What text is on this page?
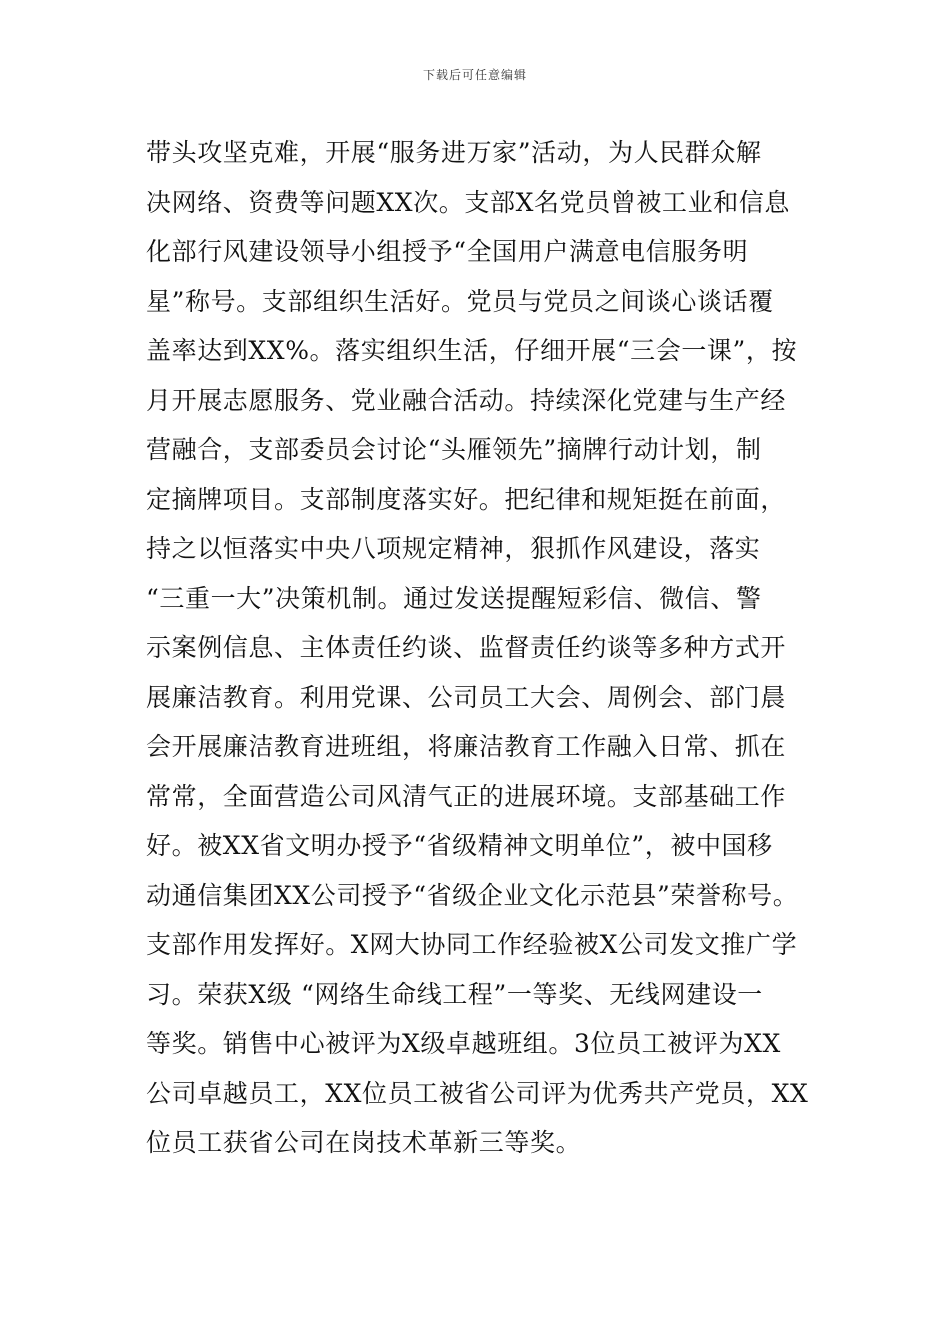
下载后可任意编辑
带头攻坚克难，开展“服务进万家”活动，为人民群众解
决网络、资费等问题XX次。支部X名党员曾被工业和信息
化部行风建设领导小组授予“全国用户满意电信服务明
星”称号。支部组织生活好。党员与党员之间谈心谈话覆
盖率达到XX%。落实组织生活，仔细开展“三会一课”，按
月开展志愿服务、党业融合活动。持续深化党建与生产经
营融合，支部委员会讨论“头雁领先”摘牌行动计划，制
定摘牌项目。支部制度落实好。把纪律和规矩挺在前面，
持之以恒落实中央八项规定精神，狠抓作风建设，落实
“三重一大”决策机制。通过发送提醒短彩信、微信、警
示案例信息、主体责任约谈、监督责任约谈等多种方式开
展廉洁教育。利用党课、公司员工大会、周例会、部门晨
会开展廉洁教育进班组，将廉洁教育工作融入日常、抓在
常常，全面营造公司风清气正的进展环境。支部基础工作
好。被XX省文明办授予“省级精神文明单位”，被中国移
动通信集团XX公司授予“省级企业文化示范县”荣誉称号。
支部作用发挥好。X网大协同工作经验被X公司发文推广学
习。荣获X级 “网络生命线工程”一等奖、无线网建设一
等奖。销售中心被评为X级卓越班组。3位员工被评为XX
公司卓越员工，XX位员工被省公司评为优秀共产党员，XX
位员工获省公司在岗技术革新三等奖。
